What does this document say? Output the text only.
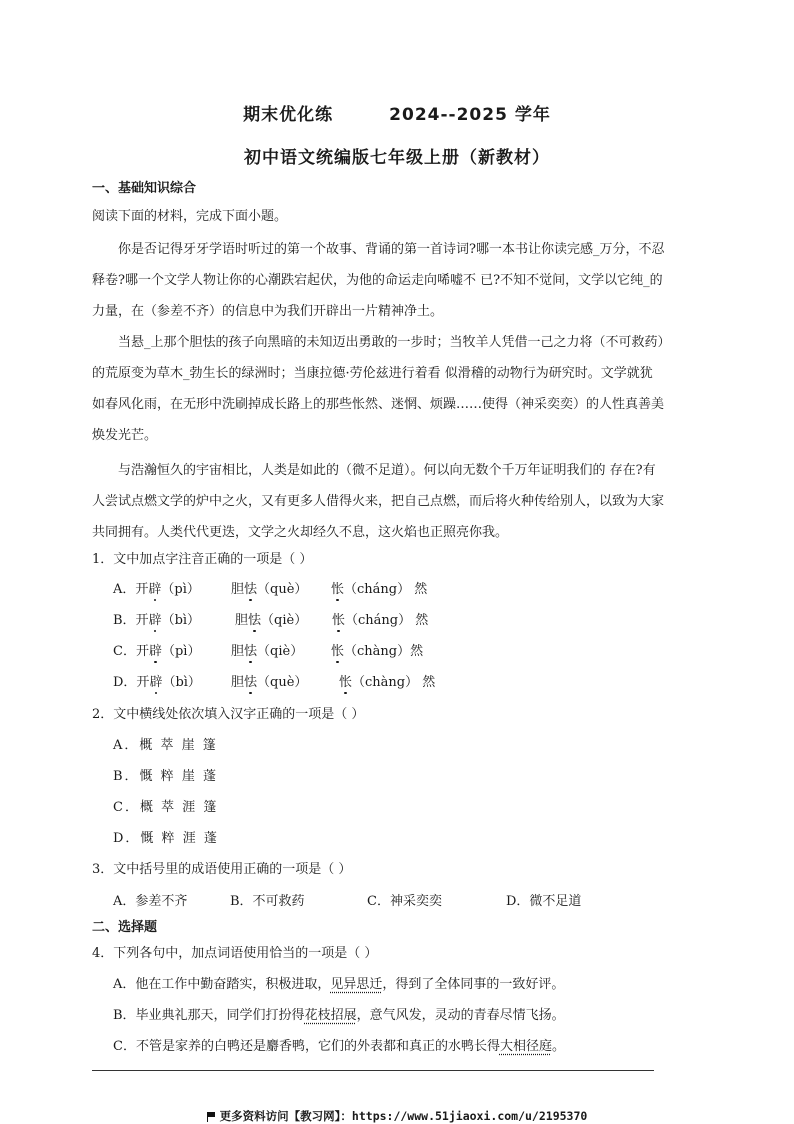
期末优化练	2024--2025 学年
初中语文统编版七年级上册（新教材）
一、基础知识综合
阅读下面的材料，完成下面小题。
你是否记得牙牙学语时听过的第一个故事、背诵的第一首诗词?哪一本书让你读完感_万分，不忍
释卷?哪一个文学人物让你的心潮跌宕起伏，为他的命运走向唏嘘不 已?不知不觉间，文学以它纯_的
力量，在（参差不齐）的信息中为我们开辟出一片精神净土。
当悬_上那个胆怯的孩子向黑暗的未知迈出勇敢的一步时；当牧羊人凭借一己之力将（不可救药）
的荒原变为草木_勃生长的绿洲时；当康拉德·劳伦兹进行着看 似滑稽的动物行为研究时。文学就犹
如春风化雨，在无形中洗刷掉成长路上的那些怅然、迷惘、烦躁……使得（神采奕奕）的人性真善美
焕发光芒。
与浩瀚恒久的宇宙相比，人类是如此的（微不足道）。何以向无数个千万年证明我们的 存在?有
人尝试点燃文学的炉中之火，又有更多人借得火来，把自己点燃，而后将火种传给别人，以致为大家
共同拥有。人类代代更迭，文学之火却经久不息，这火焰也正照亮你我。
1．文中加点字注音正确的一项是（ ）
A．开辟（pì） 胆怯（què） 怅（cháng） 然
B．开辟（bì）	胆怯（qiè） 怅（cháng） 然
C．开辟（pì） 胆怯（qiè） 怅（chàng）然
D．开辟（bì） 胆怯（què） 怅（chàng） 然
2．文中横线处依次填入汉字正确的一项是（ ）
A．概 萃 崖 篷
B．慨 粹 崖 蓬
C．概 萃 涯 篷
D．慨 粹 涯 蓬
3．文中括号里的成语使用正确的一项是（ ）
A．参差不齐	B．不可救药	C．神采奕奕	D．微不足道
二、选择题
4．下列各句中，加点词语使用恰当的一项是（ ）
A．他在工作中勤奋踏实，积极进取，见异思迁，得到了全体同事的一致好评。
B．毕业典礼那天，同学们打扮得花枝招展，意气风发，灵动的青春尽情飞扬。
C．不管是家养的白鸭还是麝香鸭，它们的外表都和真正的水鸭长得大相径庭。
更多资料访问【教习网】：https://www.51jiaoxi.com/u/2195370
